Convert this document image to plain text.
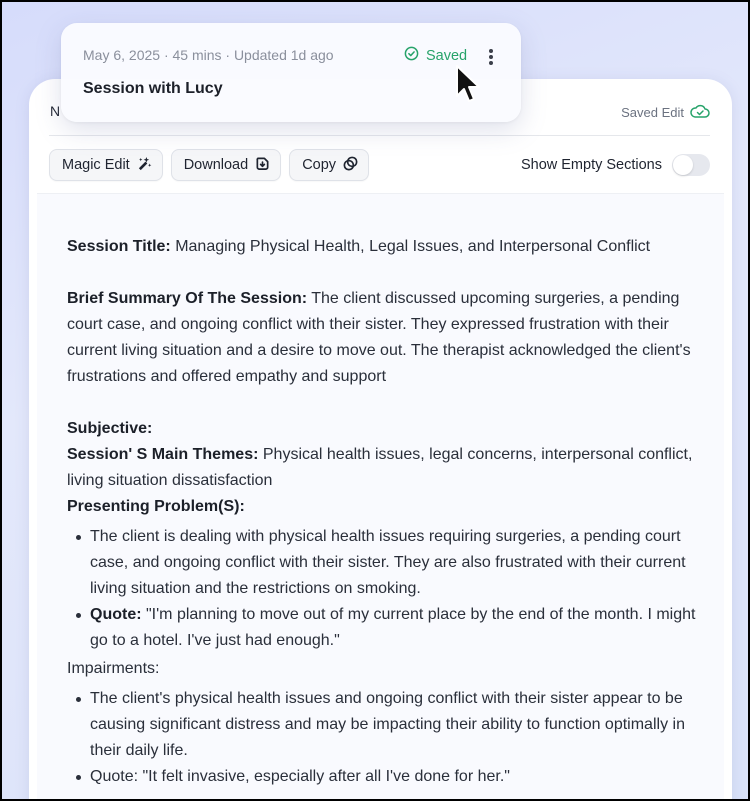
N	Saved Edit
Magic Edit	Download	Copy	Show Empty Sections

Session Title: Managing Physical Health, Legal Issues, and Interpersonal Conflict

Brief Summary Of The Session: The client discussed upcoming surgeries, a pending court case, and ongoing conflict with their sister. They expressed frustration with their current living situation and a desire to move out. The therapist acknowledged the client's frustrations and offered empathy and support

Subjective:

Session' S Main Themes: Physical health issues, legal concerns, interpersonal conflict, living situation dissatisfaction

Presenting Problem(S):

The client is dealing with physical health issues requiring surgeries, a pending court case, and ongoing conflict with their sister. They are also frustrated with their current living situation and the restrictions on smoking.
Quote: "I'm planning to move out of my current place by the end of the month. I might go to a hotel. I've just had enough."

Impairments:

The client's physical health issues and ongoing conflict with their sister appear to be causing significant distress and may be impacting their ability to function optimally in their daily life.
Quote: "It felt invasive, especially after all I've done for her."
May 6, 2025 · 45 mins · Updated 1d ago
Session with Lucy
Saved
